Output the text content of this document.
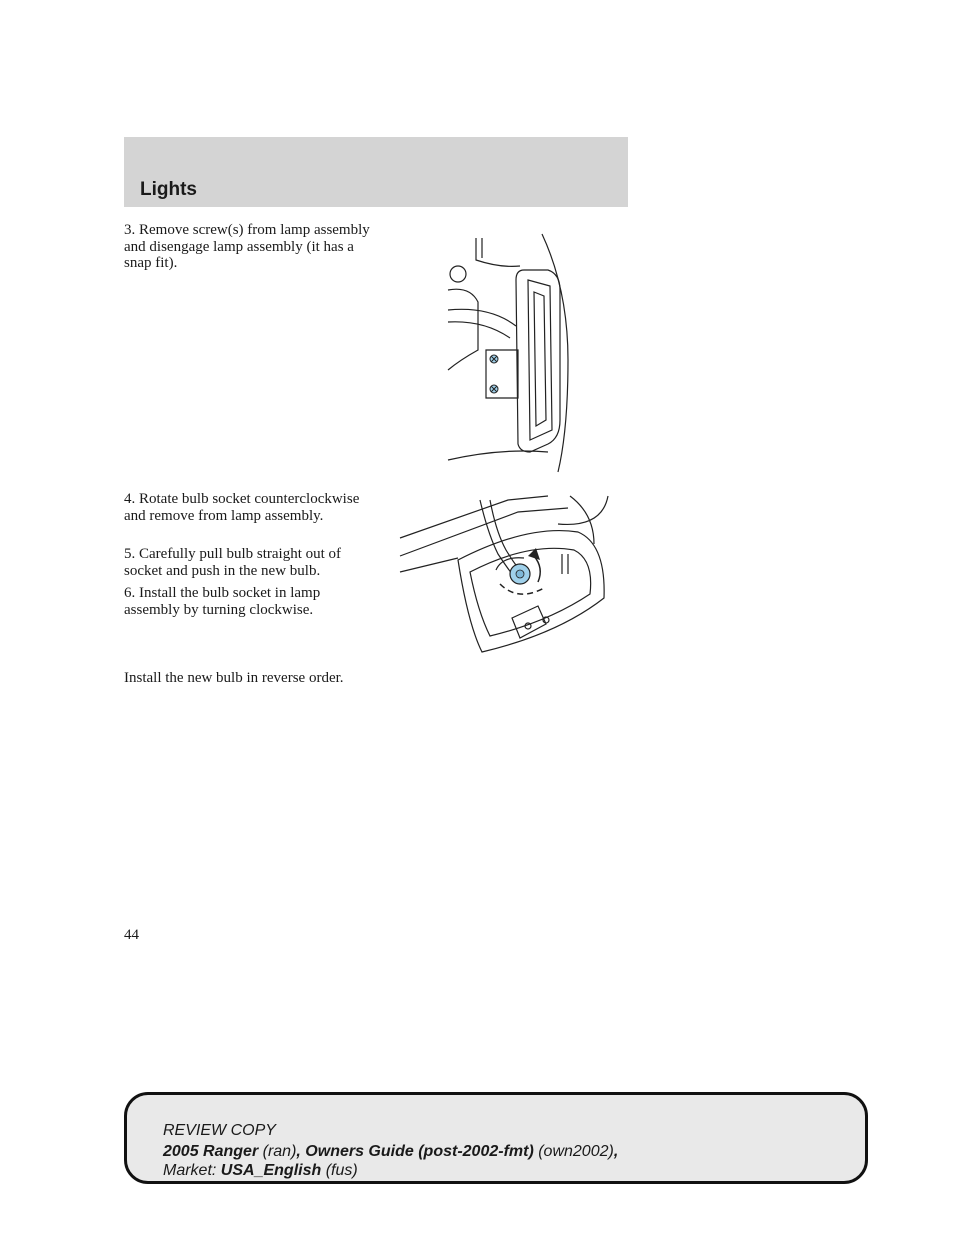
Lights

3. Remove screw(s) from lamp assembly and disengage lamp assembly (it has a snap fit).

4. Rotate bulb socket counterclockwise and remove from lamp assembly.

5. Carefully pull bulb straight out of socket and push in the new bulb.

6. Install the bulb socket in lamp assembly by turning clockwise.

Install the new bulb in reverse order.

44

REVIEW COPY
2005 Ranger (ran), Owners Guide (post-2002-fmt) (own2002),
Market: USA_English (fus)
